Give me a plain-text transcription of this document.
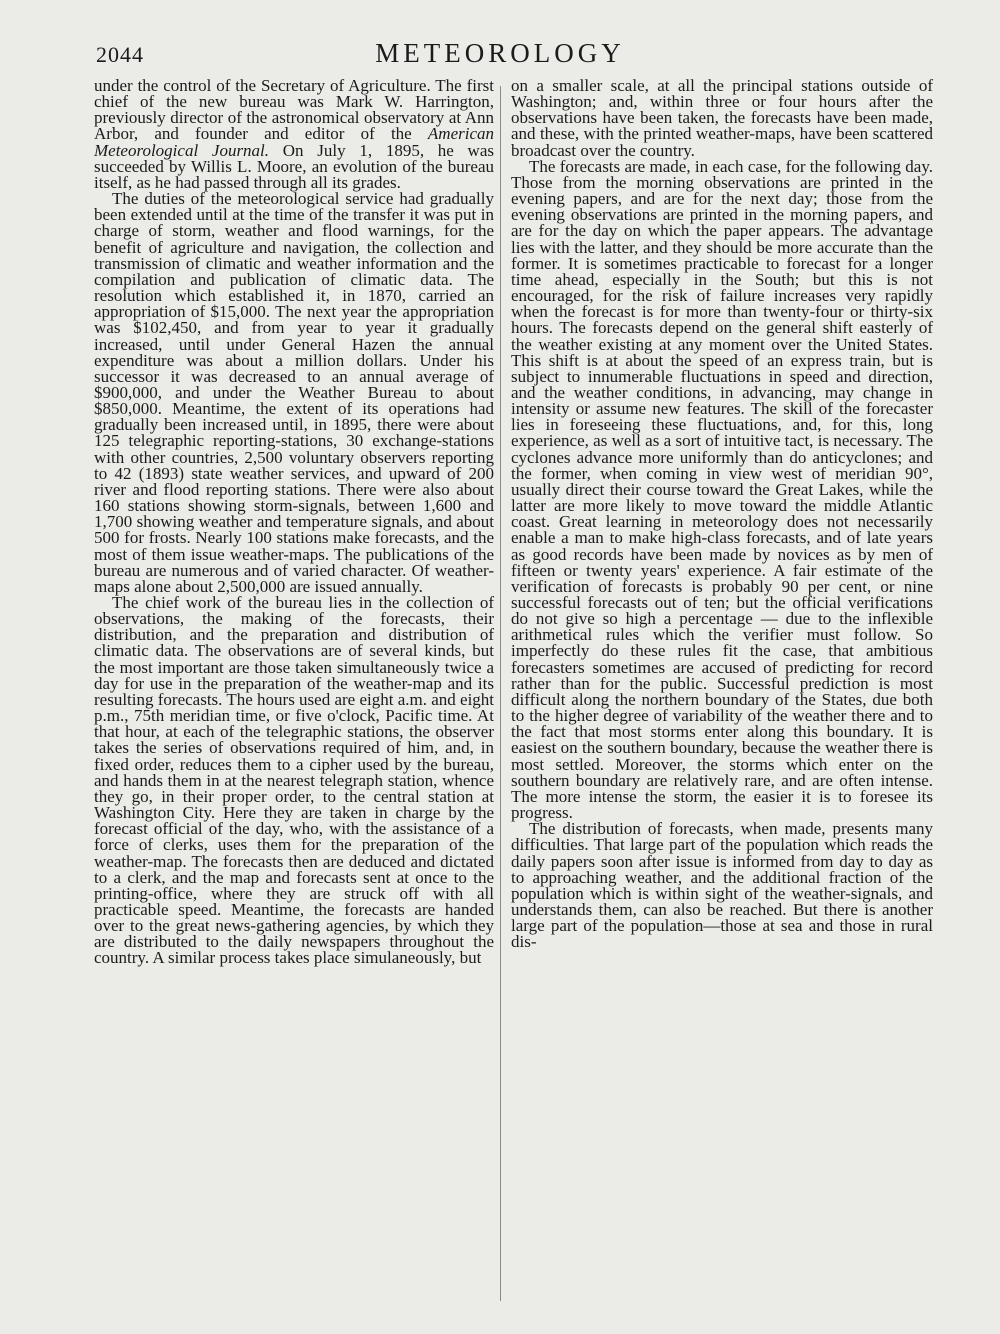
2044	METEOROLOGY

under the control of the Secretary of Agriculture. The first chief of the new bureau was Mark W. Harrington, previously director of the astronomical observatory at Ann Arbor, and founder and editor of the American Meteorological Journal. On July 1, 1895, he was succeeded by Willis L. Moore, an evolution of the bureau itself, as he had passed through all its grades.

The duties of the meteorological service had gradually been extended until at the time of the transfer it was put in charge of storm, weather and flood warnings, for the benefit of agriculture and navigation, the collection and transmission of climatic and weather information and the compilation and publication of climatic data. The resolution which established it, in 1870, carried an appropriation of $15,000. The next year the appropriation was $102,450, and from year to year it gradually increased, until under General Hazen the annual expenditure was about a million dollars. Under his successor it was decreased to an annual average of $900,000, and under the Weather Bureau to about $850,000. Meantime, the extent of its operations had gradually been increased until, in 1895, there were about 125 telegraphic reporting-stations, 30 exchange-stations with other countries, 2,500 voluntary observers reporting to 42 (1893) state weather services, and upward of 200 river and flood reporting stations. There were also about 160 stations showing storm-signals, between 1,600 and 1,700 showing weather and temperature signals, and about 500 for frosts. Nearly 100 stations make forecasts, and the most of them issue weather-maps. The publications of the bureau are numerous and of varied character. Of weather-maps alone about 2,500,000 are issued annually.

The chief work of the bureau lies in the collection of observations, the making of the forecasts, their distribution, and the preparation and distribution of climatic data. The observations are of several kinds, but the most important are those taken simultaneously twice a day for use in the preparation of the weather-map and its resulting forecasts. The hours used are eight a.m. and eight p.m., 75th meridian time, or five o'clock, Pacific time. At that hour, at each of the telegraphic stations, the observer takes the series of observations required of him, and, in fixed order, reduces them to a cipher used by the bureau, and hands them in at the nearest telegraph station, whence they go, in their proper order, to the central station at Washington City. Here they are taken in charge by the forecast official of the day, who, with the assistance of a force of clerks, uses them for the preparation of the weather-map. The forecasts then are deduced and dictated to a clerk, and the map and forecasts sent at once to the printing-office, where they are struck off with all practicable speed. Meantime, the forecasts are handed over to the great news-gathering agencies, by which they are distributed to the daily newspapers throughout the country. A similar process takes place simulaneously, but

on a smaller scale, at all the principal stations outside of Washington; and, within three or four hours after the observations have been taken, the forecasts have been made, and these, with the printed weather-maps, have been scattered broadcast over the country.

The forecasts are made, in each case, for the following day. Those from the morning observations are printed in the evening papers, and are for the next day; those from the evening observations are printed in the morning papers, and are for the day on which the paper appears. The advantage lies with the latter, and they should be more accurate than the former. It is sometimes practicable to forecast for a longer time ahead, especially in the South; but this is not encouraged, for the risk of failure increases very rapidly when the forecast is for more than twenty-four or thirty-six hours. The forecasts depend on the general shift easterly of the weather existing at any moment over the United States. This shift is at about the speed of an express train, but is subject to innumerable fluctuations in speed and direction, and the weather conditions, in advancing, may change in intensity or assume new features. The skill of the forecaster lies in foreseeing these fluctuations, and, for this, long experience, as well as a sort of intuitive tact, is necessary. The cyclones advance more uniformly than do anticyclones; and the former, when coming in view west of meridian 90°, usually direct their course toward the Great Lakes, while the latter are more likely to move toward the middle Atlantic coast. Great learning in meteorology does not necessarily enable a man to make high-class forecasts, and of late years as good records have been made by novices as by men of fifteen or twenty years' experience. A fair estimate of the verification of forecasts is probably 90 per cent, or nine successful forecasts out of ten; but the official verifications do not give so high a percentage — due to the inflexible arithmetical rules which the verifier must follow. So imperfectly do these rules fit the case, that ambitious forecasters sometimes are accused of predicting for record rather than for the public. Successful prediction is most difficult along the northern boundary of the States, due both to the higher degree of variability of the weather there and to the fact that most storms enter along this boundary. It is easiest on the southern boundary, because the weather there is most settled. Moreover, the storms which enter on the southern boundary are relatively rare, and are often intense. The more intense the storm, the easier it is to foresee its progress.

The distribution of forecasts, when made, presents many difficulties. That large part of the population which reads the daily papers soon after issue is informed from day to day as to approaching weather, and the additional fraction of the population which is within sight of the weather-signals, and understands them, can also be reached. But there is another large part of the population—those at sea and those in rural dis-
